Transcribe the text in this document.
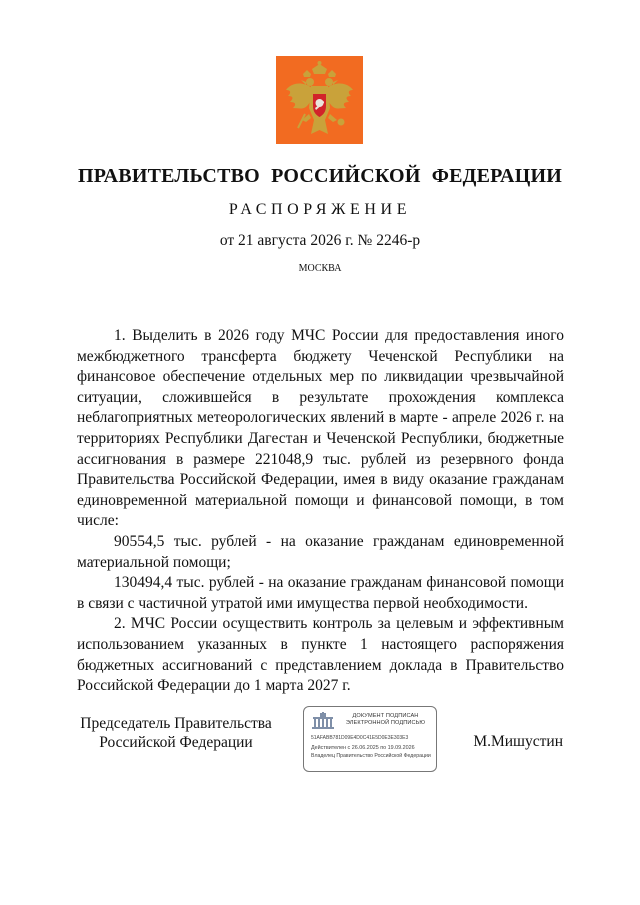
ПРАВИТЕЛЬСТВО РОССИЙСКОЙ ФЕДЕРАЦИИ
РАСПОРЯЖЕНИЕ
от 21 августа 2026 г. № 2246-р
МОСКВА

1. Выделить в 2026 году МЧС России для предоставления иного межбюджетного трансферта бюджету Чеченской Республики на финансовое обеспечение отдельных мер по ликвидации чрезвычайной ситуации, сложившейся в результате прохождения комплекса неблагоприятных метеорологических явлений в марте - апреле 2026 г. на территориях Республики Дагестан и Чеченской Республики, бюджетные ассигнования в размере 221048,9 тыс. рублей из резервного фонда Правительства Российской Федерации, имея в виду оказание гражданам единовременной материальной помощи и финансовой помощи, в том числе:

90554,5 тыс. рублей - на оказание гражданам единовременной материальной помощи;

130494,4 тыс. рублей - на оказание гражданам финансовой помощи в связи с частичной утратой ими имущества первой необходимости.

2. МЧС России осуществить контроль за целевым и эффективным использованием указанных в пункте 1 настоящего распоряжения бюджетных ассигнований с представлением доклада в Правительство Российской Федерации до 1 марта 2027 г.

Председатель Правительства
Российской Федерации
ДОКУМЕНТ ПОДПИСАН
ЭЛЕКТРОННОЙ ПОДПИСЬЮ
51AFABB781D09E4D0C41E5D0E3E303E3
Действителен с 26.06.2025 по 19.09.2026
Владелец Правительство Российской Федерации
М.Мишустин
